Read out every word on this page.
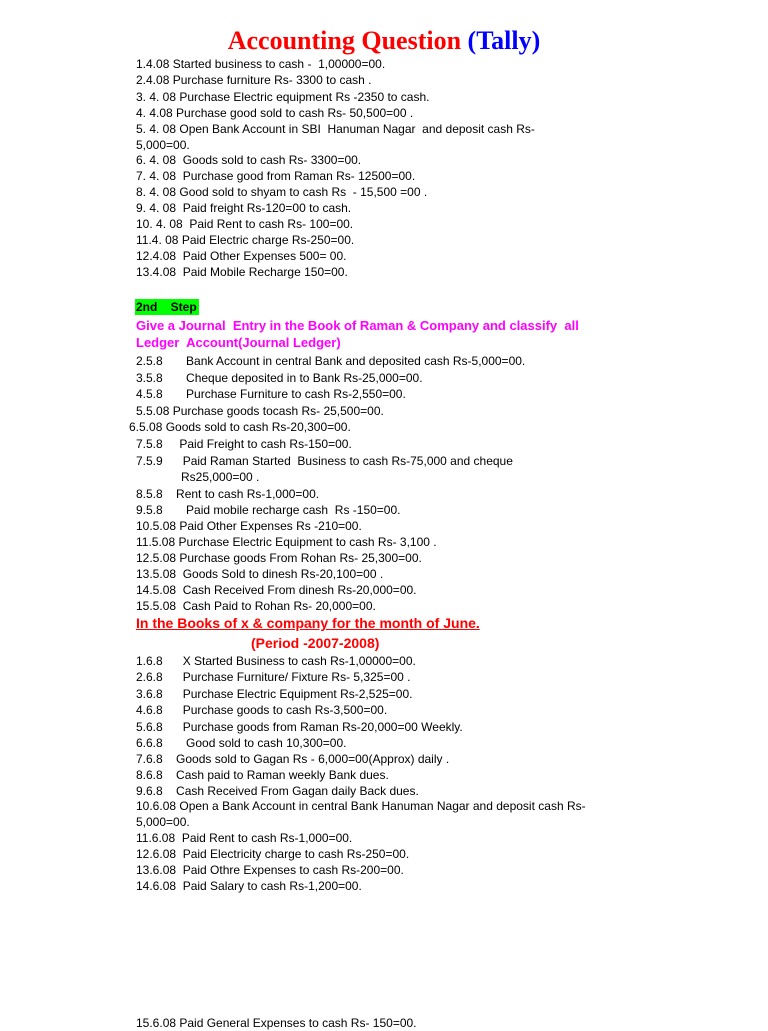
Accounting Question (Tally)
1.4.08 Started business to cash -  1,00000=00.
2.4.08 Purchase furniture Rs- 3300 to cash .
3. 4. 08 Purchase Electric equipment Rs -2350 to cash.
4. 4.08 Purchase good sold to cash Rs- 50,500=00 .
5. 4. 08 Open Bank Account in SBI  Hanuman Nagar  and deposit cash Rs-
5,000=00.
6. 4. 08  Goods sold to cash Rs- 3300=00.
7. 4. 08  Purchase good from Raman Rs- 12500=00.
8. 4. 08 Good sold to shyam to cash Rs  - 15,500 =00 .
9. 4. 08  Paid freight Rs-120=00 to cash.
10. 4. 08  Paid Rent to cash Rs- 100=00.
11.4. 08 Paid Electric charge Rs-250=00.
12.4.08  Paid Other Expenses 500= 00.
13.4.08  Paid Mobile Recharge 150=00.
2nd    Step
Give a Journal  Entry in the Book of Raman & Company and classify  all
Ledger  Account(Journal Ledger)
2.5.8       Bank Account in central Bank and deposited cash Rs-5,000=00.
3.5.8       Cheque deposited in to Bank Rs-25,000=00.
4.5.8       Purchase Furniture to cash Rs-2,550=00.
5.5.08 Purchase goods tocash Rs- 25,500=00.
6.5.08 Goods sold to cash Rs-20,300=00.
7.5.8     Paid Freight to cash Rs-150=00.
7.5.9      Paid Raman Started  Business to cash Rs-75,000 and cheque
Rs25,000=00 .
8.5.8    Rent to cash Rs-1,000=00.
9.5.8       Paid mobile recharge cash  Rs -150=00.
10.5.08 Paid Other Expenses Rs -210=00.
11.5.08 Purchase Electric Equipment to cash Rs- 3,100 .
12.5.08 Purchase goods From Rohan Rs- 25,300=00.
13.5.08  Goods Sold to dinesh Rs-20,100=00 .
14.5.08  Cash Received From dinesh Rs-20,000=00.
15.5.08  Cash Paid to Rohan Rs- 20,000=00.
In the Books of x & company for the month of June.
(Period -2007-2008)
1.6.8      X Started Business to cash Rs-1,00000=00.
2.6.8      Purchase Furniture/ Fixture Rs- 5,325=00 .
3.6.8      Purchase Electric Equipment Rs-2,525=00.
4.6.8      Purchase goods to cash Rs-3,500=00.
5.6.8      Purchase goods from Raman Rs-20,000=00 Weekly.
6.6.8       Good sold to cash 10,300=00.
7.6.8    Goods sold to Gagan Rs - 6,000=00(Approx) daily .
8.6.8    Cash paid to Raman weekly Bank dues.
9.6.8    Cash Received From Gagan daily Back dues.
10.6.08 Open a Bank Account in central Bank Hanuman Nagar and deposit cash Rs-
5,000=00.
11.6.08  Paid Rent to cash Rs-1,000=00.
12.6.08  Paid Electricity charge to cash Rs-250=00.
13.6.08  Paid Othre Expenses to cash Rs-200=00.
14.6.08  Paid Salary to cash Rs-1,200=00.
15.6.08 Paid General Expenses to cash Rs- 150=00.
